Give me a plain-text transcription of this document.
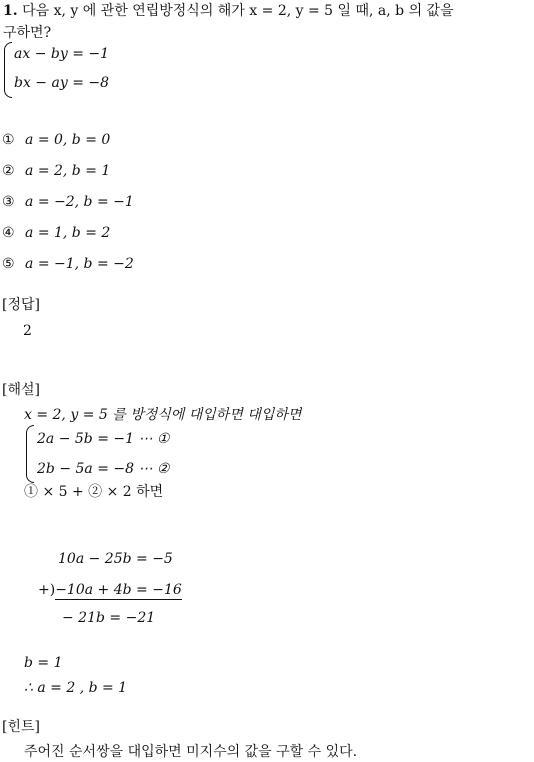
1. 다음 x, y 에 관한 연립방정식의 해가 x = 2, y = 5 일 때, a, b 의 값을
구하면?
ax − by = −1
bx − ay = −8
① a = 0, b = 0
② a = 2, b = 1
③ a = −2, b = −1
④ a = 1, b = 2
⑤ a = −1, b = −2
[정답]
2
[해설]
x = 2, y = 5 를 방정식에 대입하면 대입하면
2a − 5b = −1 ⋯ ①
2b − 5a = −8 ⋯ ②
① × 5 + ② × 2 하면
10a − 25b = −5
+)−10a + 4b = −16
− 21b = −21
b = 1
∴ a = 2 , b = 1
[힌트]
주어진 순서쌍을 대입하면 미지수의 값을 구할 수 있다.
